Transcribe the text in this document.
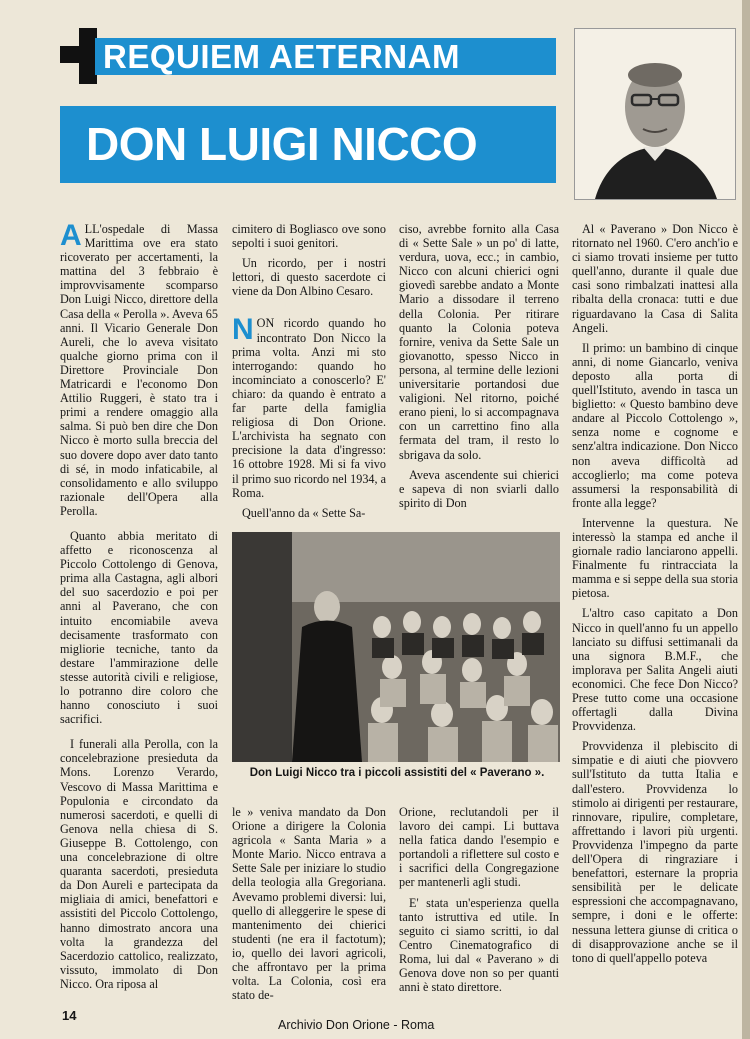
REQUIEM AETERNAM
DON LUIGI NICCO

ALL'ospedale di Massa Marittima ove era stato ricoverato per accertamenti, la mattina del 3 febbraio è improvvisamente scomparso Don Luigi Nicco, direttore della Casa della « Perolla ». Aveva 65 anni. Il Vicario Generale Don Aureli, che lo aveva visitato qualche giorno prima con il Direttore Provinciale Don Matricardi e l'economo Don Attilio Ruggeri, è stato tra i primi a rendere omaggio alla salma. Si può ben dire che Don Nicco è morto sulla breccia del suo dovere dopo aver dato tanto di sé, in modo infaticabile, al consolidamento e allo sviluppo razionale dell'Opera alla Perolla.

Quanto abbia meritato di affetto e riconoscenza al Piccolo Cottolengo di Genova, prima alla Castagna, agli albori del suo sacerdozio e poi per anni al Paverano, che con intuito encomiabile aveva decisamente trasformato con migliorie tecniche, tanto da destare l'ammirazione delle stesse autorità civili e religiose, lo potranno dire coloro che hanno conosciuto i suoi sacrifici.

I funerali alla Perolla, con la concelebrazione presieduta da Mons. Lorenzo Verardo, Vescovo di Massa Marittima e Populonia e circondato da numerosi sacerdoti, e quelli di Genova nella chiesa di S. Giuseppe B. Cottolengo, con una concelebrazione di oltre quaranta sacerdoti, presieduta da Don Aureli e partecipata da migliaia di amici, benefattori e assistiti del Piccolo Cottolengo, hanno dimostrato ancora una volta la grandezza del Sacerdozio cattolico, realizzato, vissuto, immolato di Don Nicco. Ora riposa al

cimitero di Bogliasco ove sono sepolti i suoi genitori.

Un ricordo, per i nostri lettori, di questo sacerdote ci viene da Don Albino Cesaro.

NON ricordo quando ho incontrato Don Nicco la prima volta. Anzi mi sto interrogando: quando ho incominciato a conoscerlo? E' chiaro: da quando è entrato a far parte della famiglia religiosa di Don Orione. L'archivista ha segnato con precisione la data d'ingresso: 16 ottobre 1928. Mi si fa vivo il primo suo ricordo nel 1934, a Roma.

Quell'anno da « Sette Sa-

ciso, avrebbe fornito alla Casa di « Sette Sale » un po' di latte, verdura, uova, ecc.; in cambio, Nicco con alcuni chierici ogni giovedì sarebbe andato a Monte Mario a dissodare il terreno della Colonia. Per ritirare quanto la Colonia poteva fornire, veniva da Sette Sale un giovanotto, spesso Nicco in persona, al termine delle lezioni universitarie portandosi due valigioni. Nel ritorno, poiché erano pieni, lo si accompagnava con un carrettino fino alla fermata del tram, il resto lo sbrigava da solo.

Aveva ascendente sui chierici e sapeva di non sviarli dallo spirito di Don

Don Luigi Nicco tra i piccoli assistiti del « Paverano ».

le » veniva mandato da Don Orione a dirigere la Colonia agricola « Santa Maria » a Monte Mario. Nicco entrava a Sette Sale per iniziare lo studio della teologia alla Gregoriana. Avevamo problemi diversi: lui, quello di alleggerire le spese di mantenimento dei chierici studenti (ne era il factotum); io, quello dei lavori agricoli, che affrontavo per la prima volta. La Colonia, così era stato de-

Orione, reclutandoli per il lavoro dei campi. Li buttava nella fatica dando l'esempio e portandoli a riflettere sul costo e i sacrifici della Congregazione per mantenerli agli studi.

E' stata un'esperienza quella tanto istruttiva ed utile. In seguito ci siamo scritti, io dal Centro Cinematografico di Roma, lui dal « Paverano » di Genova dove non so per quanti anni è stato direttore.

Al « Paverano » Don Nicco è ritornato nel 1960. C'ero anch'io e ci siamo trovati insieme per tutto quell'anno, durante il quale due casi sono rimbalzati inattesi alla ribalta della cronaca: tutti e due riguardavano la Casa di Salita Angeli.

Il primo: un bambino di cinque anni, di nome Giancarlo, veniva deposto alla porta di quell'Istituto, avendo in tasca un biglietto: « Questo bambino deve andare al Piccolo Cottolengo », senza nome e cognome e senz'altra indicazione. Don Nicco non aveva difficoltà ad accoglierlo; ma come poteva assumersi la responsabilità di fronte alla legge?

Intervenne la questura. Ne interessò la stampa ed anche il giornale radio lanciarono appelli. Finalmente fu rintracciata la mamma e si seppe della sua storia pietosa.

L'altro caso capitato a Don Nicco in quell'anno fu un appello lanciato su diffusi settimanali da una signora B.M.F., che implorava per Salita Angeli aiuti economici. Che fece Don Nicco? Prese tutto come una occasione offertagli dalla Divina Provvidenza.

Provvidenza il plebiscito di simpatie e di aiuti che piovvero sull'Istituto da tutta Italia e dall'estero. Provvidenza lo stimolo ai dirigenti per restaurare, rinnovare, ripulire, completare, affrettando i lavori più urgenti. Provvidenza l'impegno da parte dell'Opera di ringraziare i benefattori, esternare la propria sensibilità per le delicate espressioni che accompagnavano, sempre, i doni e le offerte: nessuna lettera giunse di critica o di disapprovazione anche se il tono di quell'appello poteva

14
Archivio Don Orione - Roma
